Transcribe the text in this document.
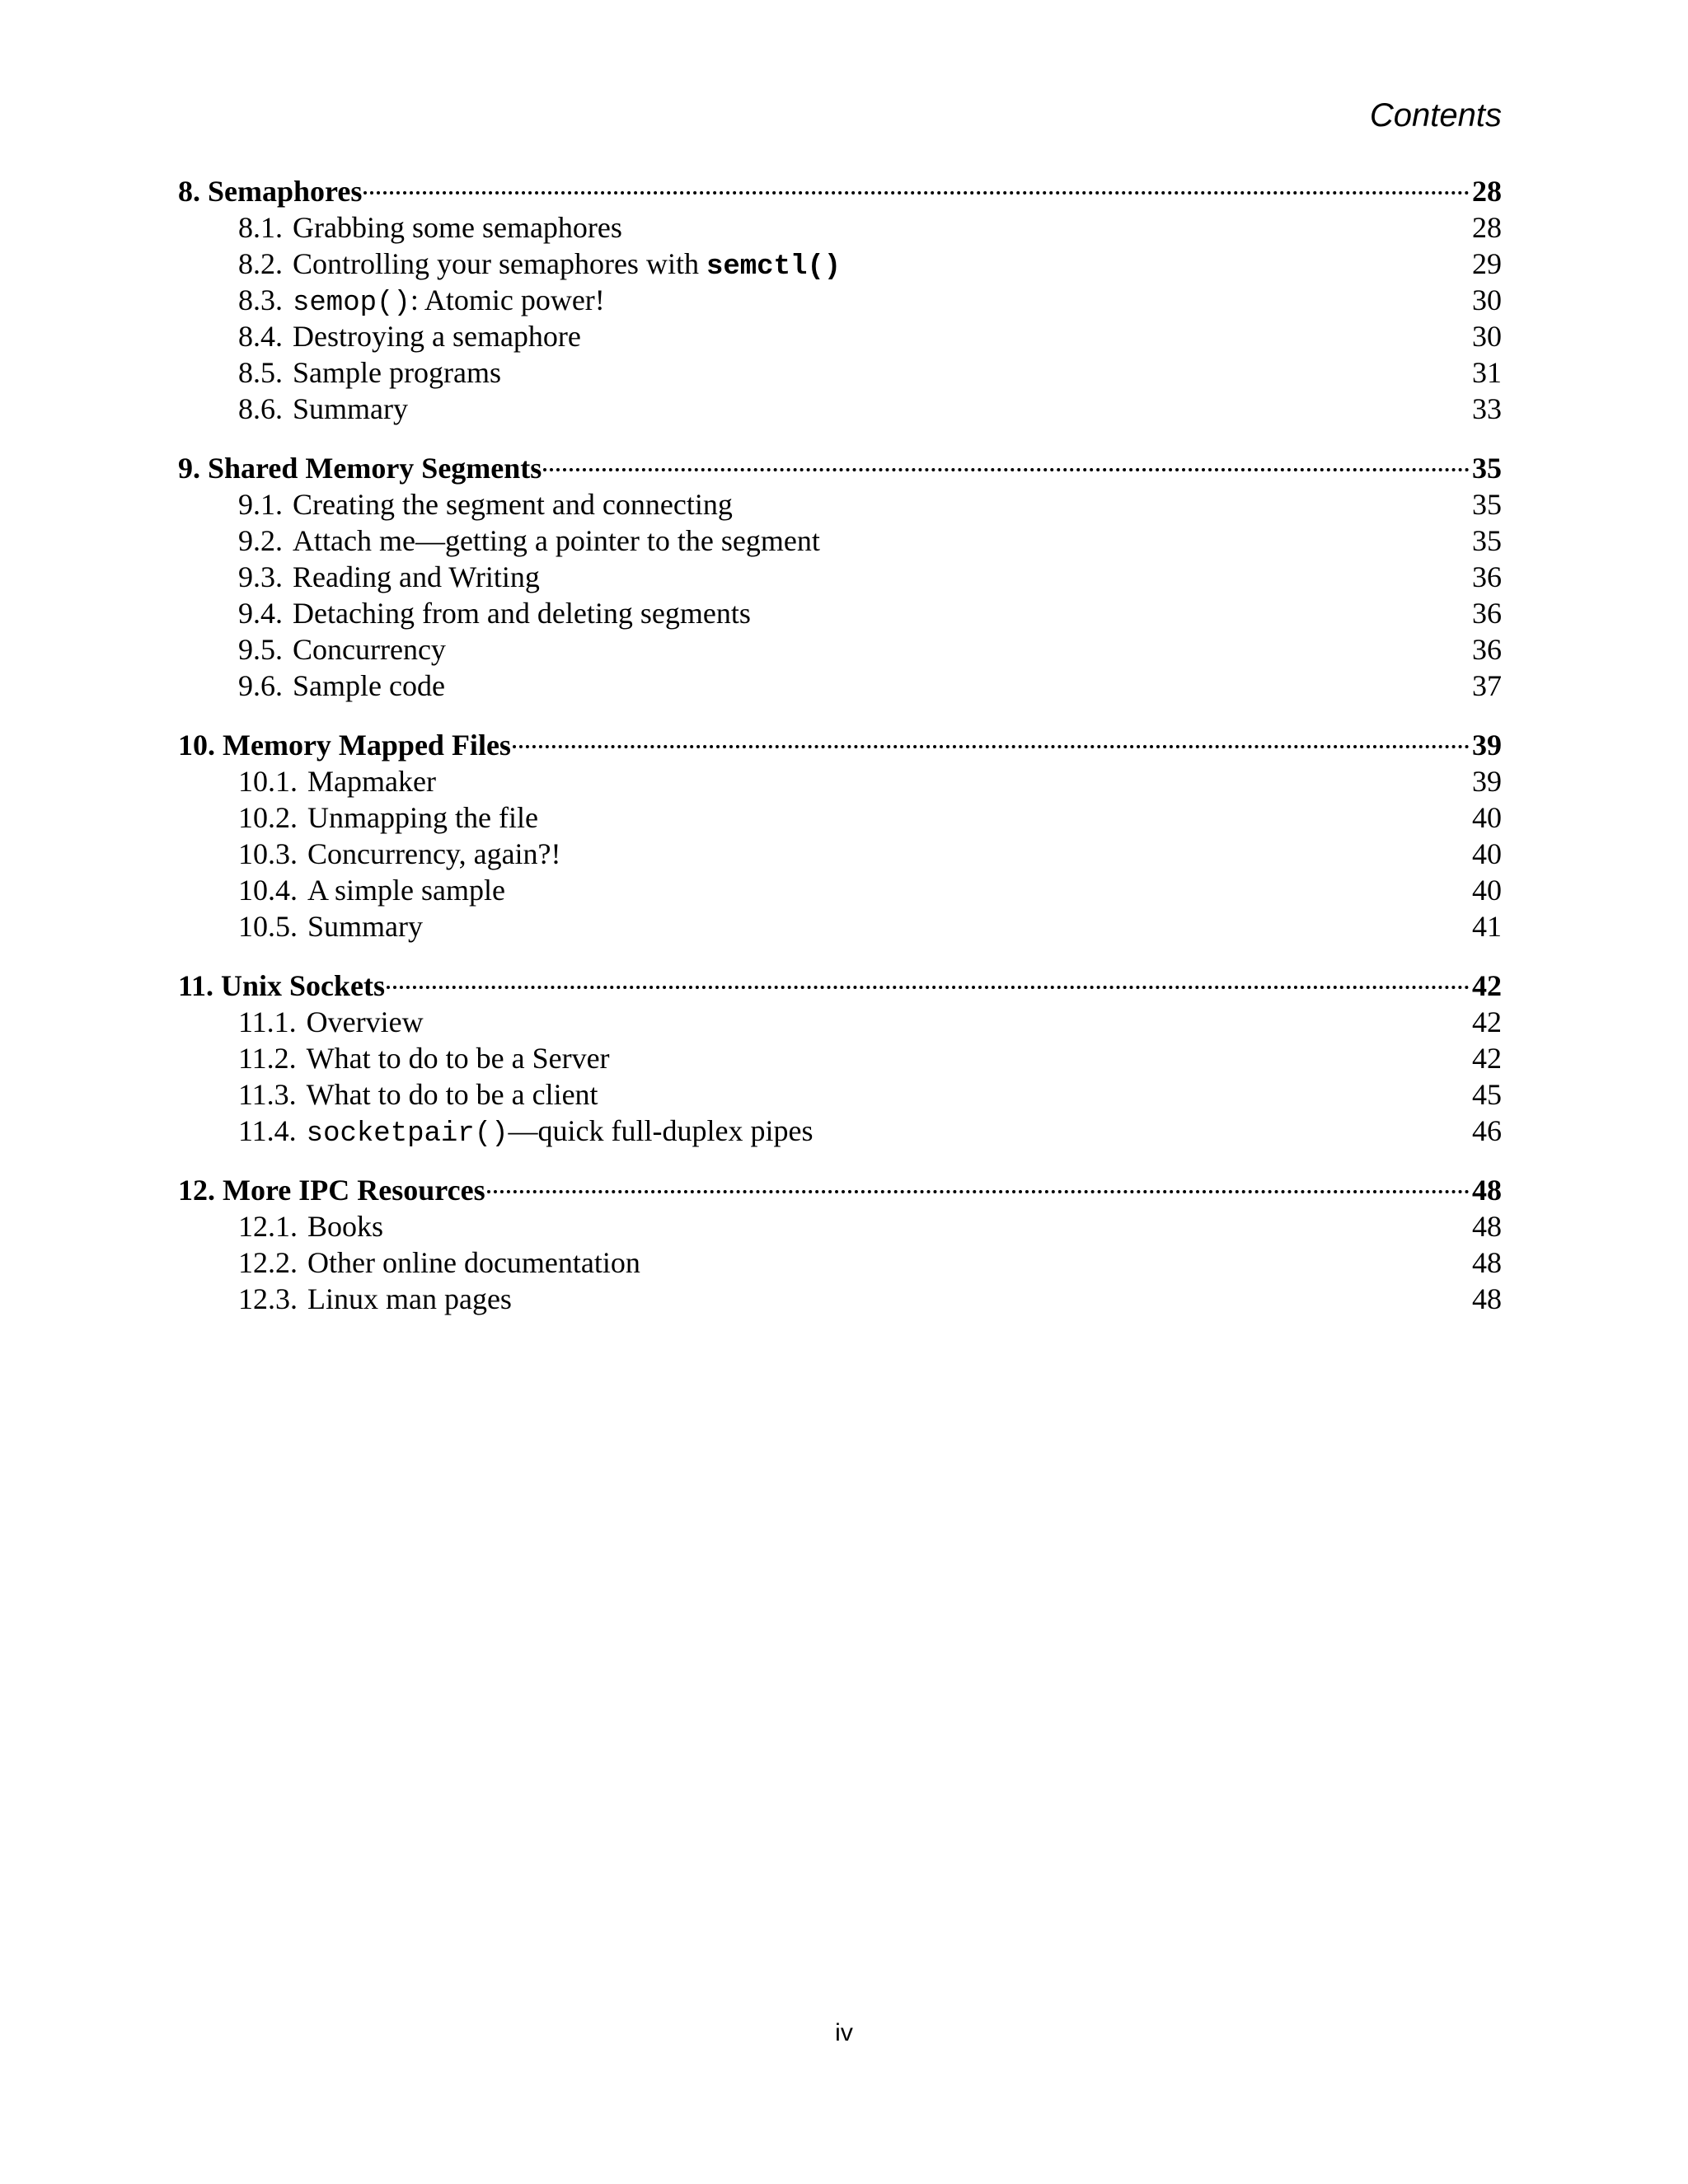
Contents
8. Semaphores	28
8.1. Grabbing some semaphores	28
8.2. Controlling your semaphores with semctl()	29
8.3. semop(): Atomic power!	30
8.4. Destroying a semaphore	30
8.5. Sample programs	31
8.6. Summary	33
9. Shared Memory Segments	35
9.1. Creating the segment and connecting	35
9.2. Attach me—getting a pointer to the segment	35
9.3. Reading and Writing	36
9.4. Detaching from and deleting segments	36
9.5. Concurrency	36
9.6. Sample code	37
10. Memory Mapped Files	39
10.1. Mapmaker	39
10.2. Unmapping the file	40
10.3. Concurrency, again?!	40
10.4. A simple sample	40
10.5. Summary	41
11. Unix Sockets	42
11.1. Overview	42
11.2. What to do to be a Server	42
11.3. What to do to be a client	45
11.4. socketpair()—quick full-duplex pipes	46
12. More IPC Resources	48
12.1. Books	48
12.2. Other online documentation	48
12.3. Linux man pages	48
iv
